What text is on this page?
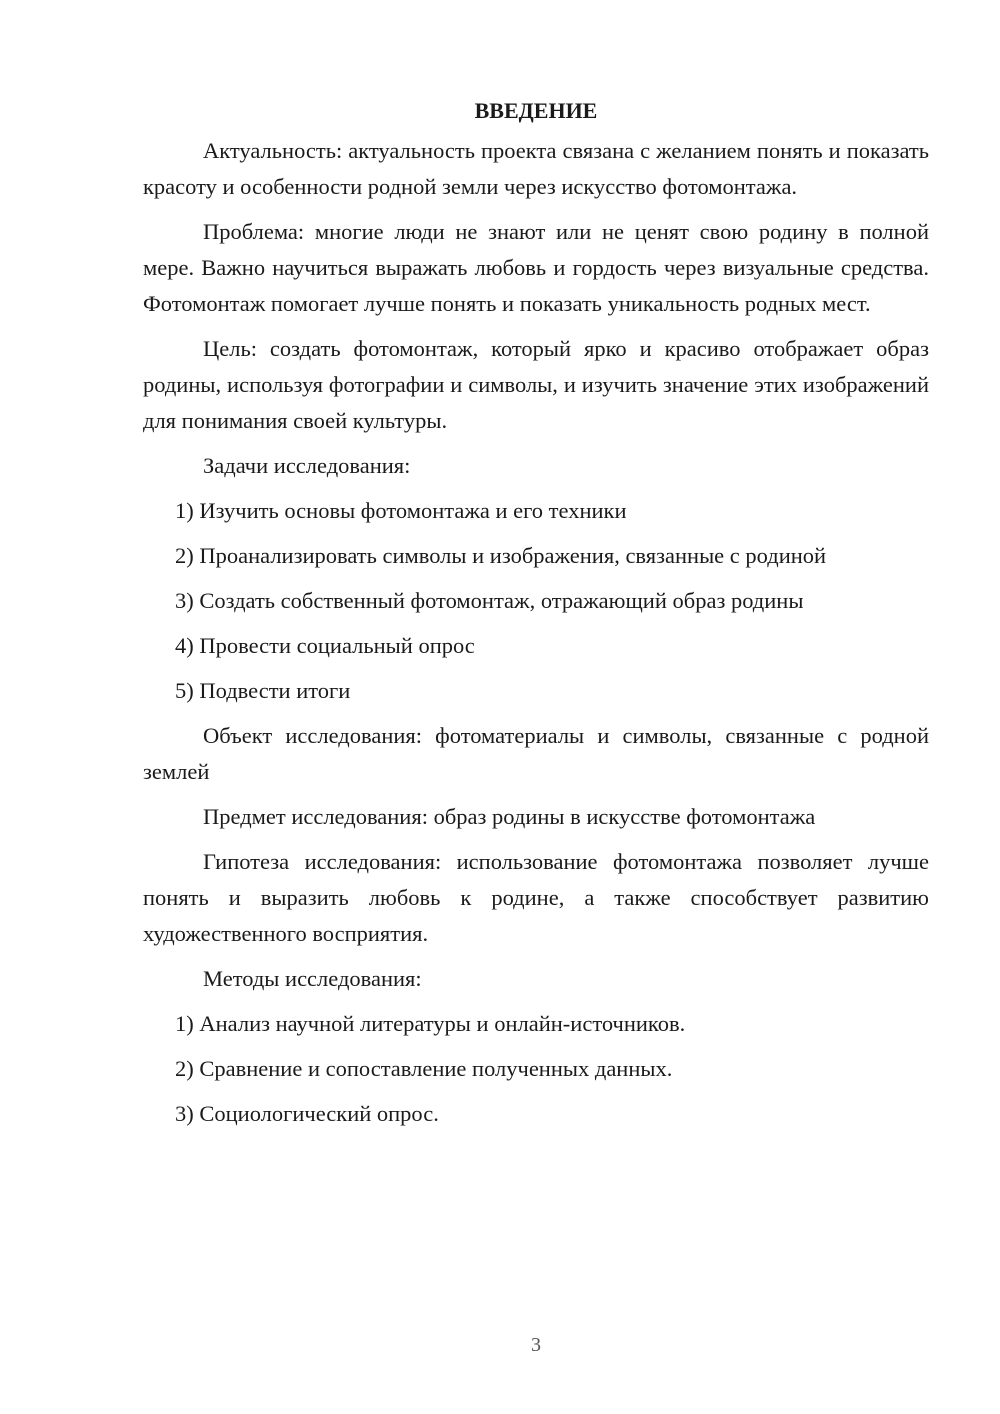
ВВЕДЕНИЕ

Актуальность: актуальность проекта связана с желанием понять и показать красоту и особенности родной земли через искусство фотомонтажа.

Проблема: многие люди не знают или не ценят свою родину в полной мере. Важно научиться выражать любовь и гордость через визуальные средства. Фотомонтаж помогает лучше понять и показать уникальность родных мест.

Цель: создать фотомонтаж, который ярко и красиво отображает образ родины, используя фотографии и символы, и изучить значение этих изображений для понимания своей культуры.

Задачи исследования:

1) Изучить основы фотомонтажа и его техники
2) Проанализировать символы и изображения, связанные с родиной
3) Создать собственный фотомонтаж, отражающий образ родины
4) Провести социальный опрос
5) Подвести итоги

Объект исследования: фотоматериалы и символы, связанные с родной землей

Предмет исследования: образ родины в искусстве фотомонтажа

Гипотеза исследования: использование фотомонтажа позволяет лучше понять и выразить любовь к родине, а также способствует развитию художественного восприятия.

Методы исследования:

1) Анализ научной литературы и онлайн-источников.
2) Сравнение и сопоставление полученных данных.
3) Социологический опрос.
3
